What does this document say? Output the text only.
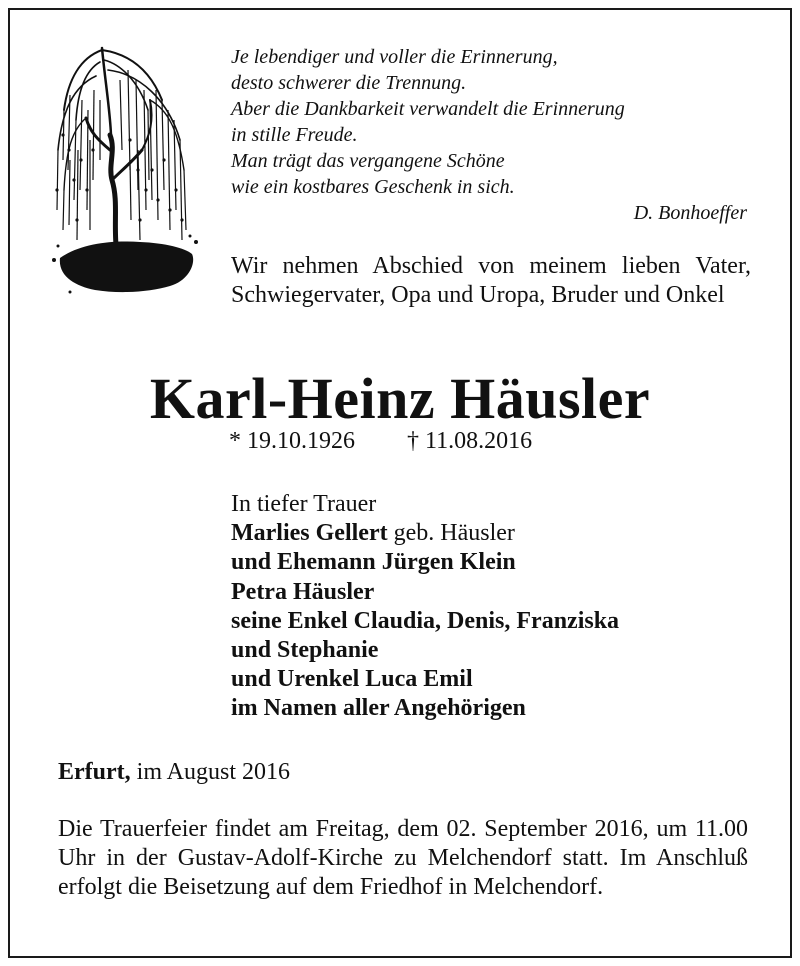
Je lebendiger und voller die Erinnerung,
desto schwerer die Trennung.
Aber die Dankbarkeit verwandelt die Erinnerung
in stille Freude.
Man trägt das vergangene Schöne
wie ein kostbares Geschenk in sich.
D. Bonhoeffer
Wir nehmen Abschied von meinem lieben Vater, Schwiegervater, Opa und Uropa, Bruder und Onkel
Karl-Heinz Häusler
* 19.10.1926 † 11.08.2016
In tiefer Trauer
Marlies Gellert geb. Häusler
und Ehemann Jürgen Klein
Petra Häusler
seine Enkel Claudia, Denis, Franziska
und Stephanie
und Urenkel Luca Emil
im Namen aller Angehörigen
Erfurt, im August 2016
Die Trauerfeier findet am Freitag, dem 02. September 2016, um 11.00 Uhr in der Gustav-Adolf-Kirche zu Melchendorf statt. Im Anschluß erfolgt die Beisetzung auf dem Friedhof in Melchendorf.
